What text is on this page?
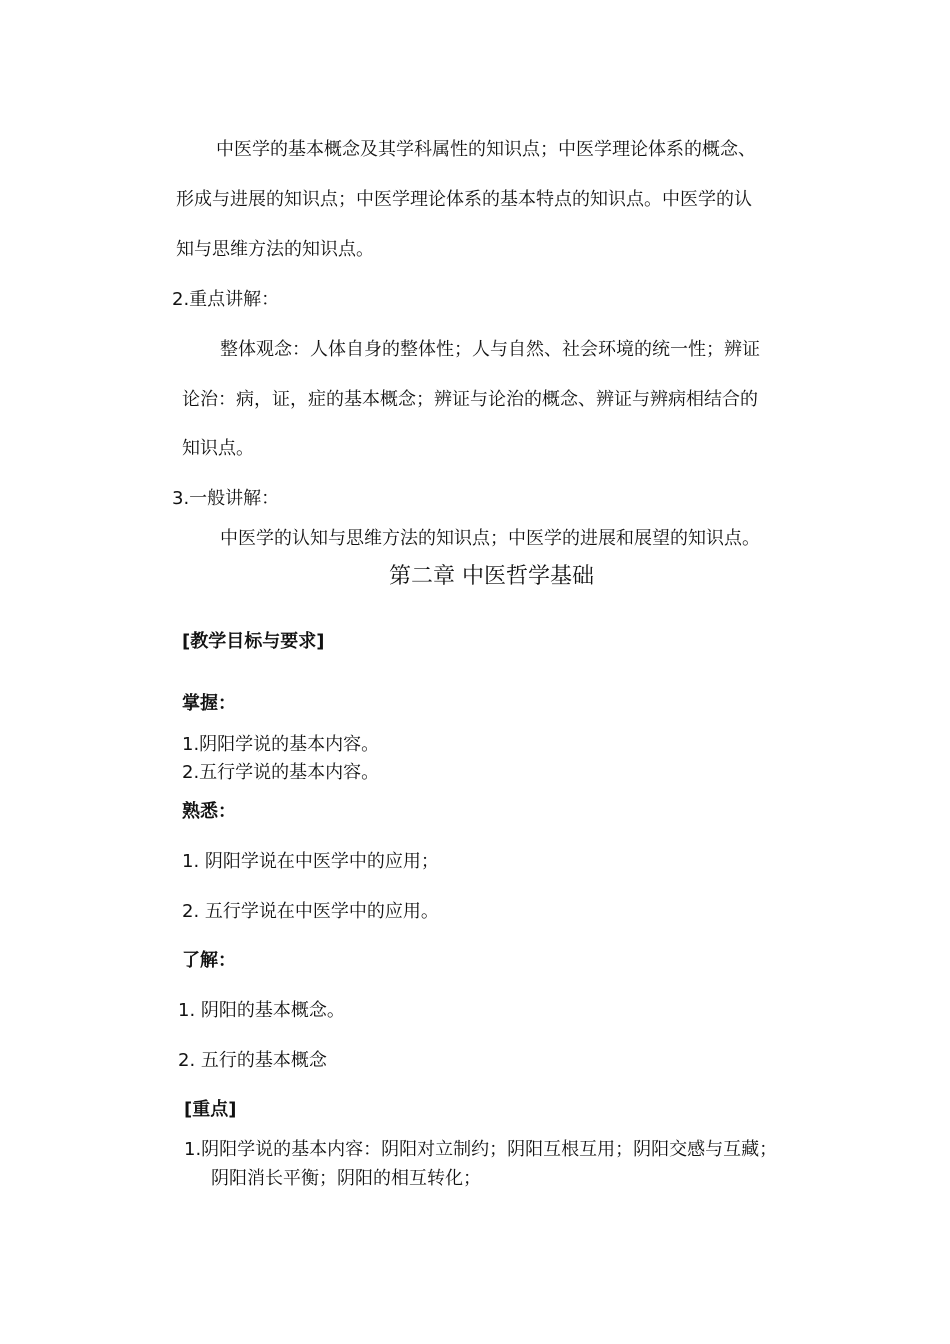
中医学的基本概念及其学科属性的知识点；中医学理论体系的概念、
形成与进展的知识点；中医学理论体系的基本特点的知识点。中医学的认
知与思维方法的知识点。
2.重点讲解：
整体观念：人体自身的整体性；人与自然、社会环境的统一性；辨证
论治：病，证，症的基本概念；辨证与论治的概念、辨证与辨病相结合的
知识点。
3.一般讲解：
中医学的认知与思维方法的知识点；中医学的进展和展望的知识点。
第二章 中医哲学基础
[教学目标与要求]
掌握：
1.阴阳学说的基本内容。
2.五行学说的基本内容。
熟悉：
1. 阴阳学说在中医学中的应用；
2. 五行学说在中医学中的应用。
了解：
1. 阴阳的基本概念。
2. 五行的基本概念
[重点]
1.阴阳学说的基本内容：阴阳对立制约；阴阳互根互用；阴阳交感与互藏；
阴阳消长平衡；阴阳的相互转化；
